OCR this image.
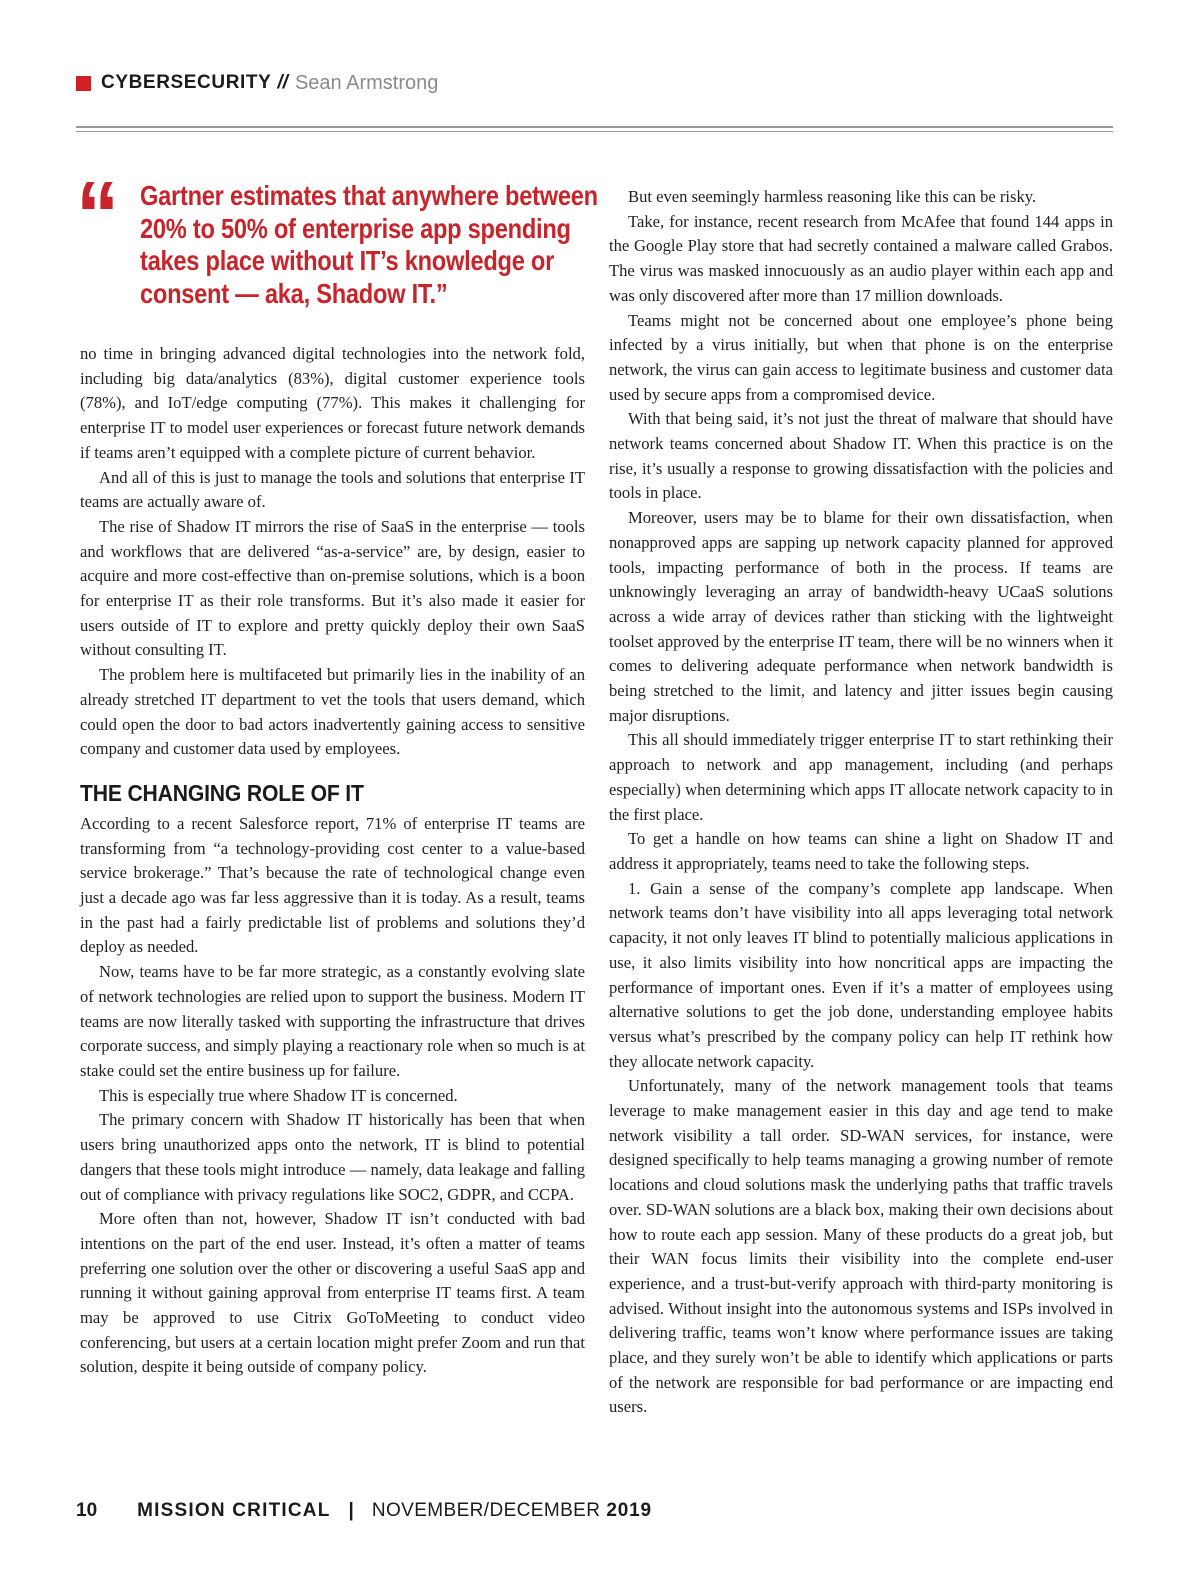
CYBERSECURITY // Sean Armstrong
“ Gartner estimates that anywhere between
20% to 50% of enterprise app spending
takes place without IT’s knowledge or
consent — aka, Shadow IT.”

no time in bringing advanced digital technologies into the network fold, including big data/analytics (83%), digital customer experience tools (78%), and IoT/edge computing (77%). This makes it challenging for enterprise IT to model user experiences or forecast future network demands if teams aren’t equipped with a complete picture of current behavior.

And all of this is just to manage the tools and solutions that enterprise IT teams are actually aware of.

The rise of Shadow IT mirrors the rise of SaaS in the enterprise — tools and workflows that are delivered “as-a-service” are, by design, easier to acquire and more cost-effective than on-premise solutions, which is a boon for enterprise IT as their role transforms. But it’s also made it easier for users outside of IT to explore and pretty quickly deploy their own SaaS without consulting IT.

The problem here is multifaceted but primarily lies in the inability of an already stretched IT department to vet the tools that users demand, which could open the door to bad actors inadvertently gaining access to sensitive company and customer data used by employees.

THE CHANGING ROLE OF IT

According to a recent Salesforce report, 71% of enterprise IT teams are transforming from “a technology-providing cost center to a value-based service brokerage.” That’s because the rate of technological change even just a decade ago was far less aggressive than it is today. As a result, teams in the past had a fairly predictable list of problems and solutions they’d deploy as needed.

Now, teams have to be far more strategic, as a constantly evolving slate of network technologies are relied upon to support the business. Modern IT teams are now literally tasked with supporting the infrastructure that drives corporate success, and simply playing a reactionary role when so much is at stake could set the entire business up for failure.

This is especially true where Shadow IT is concerned.

The primary concern with Shadow IT historically has been that when users bring unauthorized apps onto the network, IT is blind to potential dangers that these tools might introduce — namely, data leakage and falling out of compliance with privacy regulations like SOC2, GDPR, and CCPA.

More often than not, however, Shadow IT isn’t conducted with bad intentions on the part of the end user. Instead, it’s often a matter of teams preferring one solution over the other or discovering a useful SaaS app and running it without gaining approval from enterprise IT teams first. A team may be approved to use Citrix GoToMeeting to conduct video conferencing, but users at a certain location might prefer Zoom and run that solution, despite it being outside of company policy.

But even seemingly harmless reasoning like this can be risky.

Take, for instance, recent research from McAfee that found 144 apps in the Google Play store that had secretly contained a malware called Grabos. The virus was masked innocuously as an audio player within each app and was only discovered after more than 17 million downloads.

Teams might not be concerned about one employee’s phone being infected by a virus initially, but when that phone is on the enterprise network, the virus can gain access to legitimate business and customer data used by secure apps from a compromised device.

With that being said, it’s not just the threat of malware that should have network teams concerned about Shadow IT. When this practice is on the rise, it’s usually a response to growing dissatisfaction with the policies and tools in place.

Moreover, users may be to blame for their own dissatisfaction, when nonapproved apps are sapping up network capacity planned for approved tools, impacting performance of both in the process. If teams are unknowingly leveraging an array of bandwidth-heavy UCaaS solutions across a wide array of devices rather than sticking with the lightweight toolset approved by the enterprise IT team, there will be no winners when it comes to delivering adequate performance when network bandwidth is being stretched to the limit, and latency and jitter issues begin causing major disruptions.

This all should immediately trigger enterprise IT to start rethinking their approach to network and app management, including (and perhaps especially) when determining which apps IT allocate network capacity to in the first place.

To get a handle on how teams can shine a light on Shadow IT and address it appropriately, teams need to take the following steps.

1. Gain a sense of the company’s complete app landscape. When network teams don’t have visibility into all apps leveraging total network capacity, it not only leaves IT blind to potentially malicious applications in use, it also limits visibility into how noncritical apps are impacting the performance of important ones. Even if it’s a matter of employees using alternative solutions to get the job done, understanding employee habits versus what’s prescribed by the company policy can help IT rethink how they allocate network capacity.

Unfortunately, many of the network management tools that teams leverage to make management easier in this day and age tend to make network visibility a tall order. SD-WAN services, for instance, were designed specifically to help teams managing a growing number of remote locations and cloud solutions mask the underlying paths that traffic travels over. SD-WAN solutions are a black box, making their own decisions about how to route each app session. Many of these products do a great job, but their WAN focus limits their visibility into the complete end-user experience, and a trust-but-verify approach with third-party monitoring is advised. Without insight into the autonomous systems and ISPs involved in delivering traffic, teams won’t know where performance issues are taking place, and they surely won’t be able to identify which applications or parts of the network are responsible for bad performance or are impacting end users.

10 MISSION CRITICAL | NOVEMBER/DECEMBER 2019
